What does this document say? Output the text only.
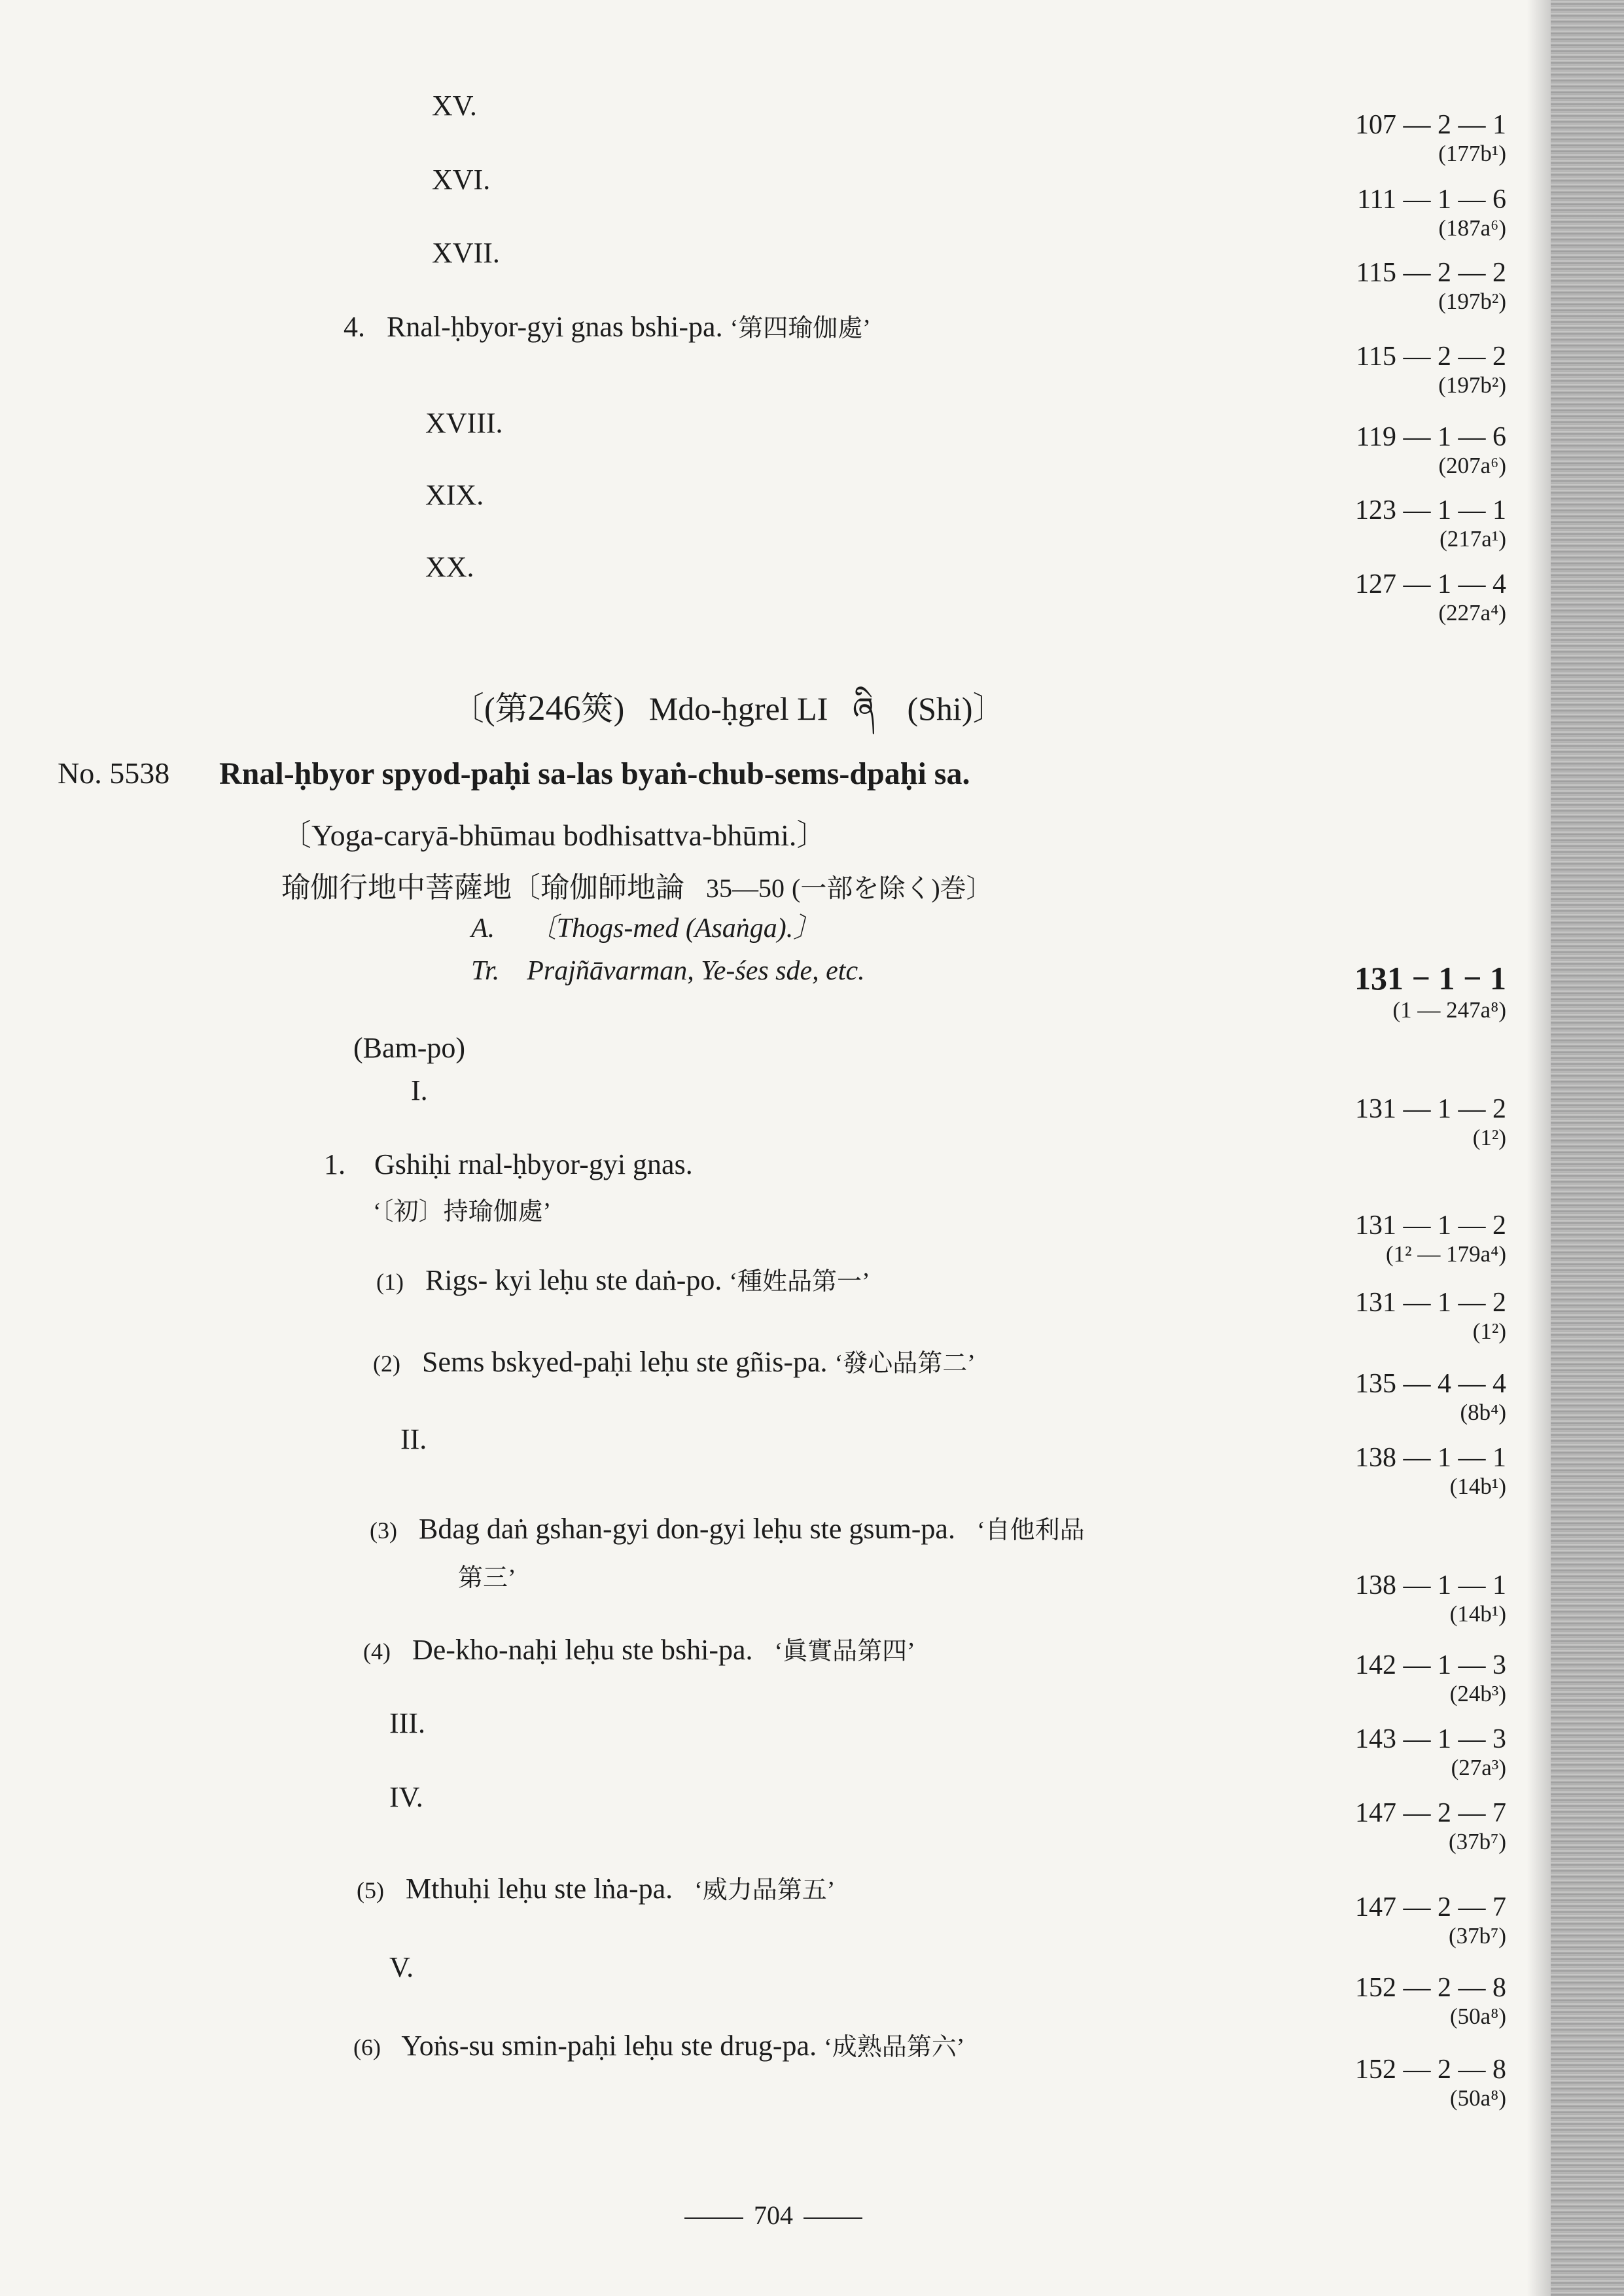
XV.
XVI.
XVII.
4. Rnal-ḥbyor-gyi gnas bshi-pa. ‘第四瑜伽處’
XVIII.
XIX.
XX.
107 — 2 — 1
(177b¹)
111 — 1 — 6
(187a⁶)
115 — 2 — 2
(197b²)
115 — 2 — 2
(197b²)
119 — 1 — 6
(207a⁶)
123 — 1 — 1
(217a¹)
127 — 1 — 4
(227a⁴)
〔(第246筴) Mdo-ḥgrel LI ཞི (Shi)〕
No. 5538 Rnal-ḥbyor spyod-paḥi sa-las byaṅ-chub-sems-dpaḥi sa.
〔Yoga-caryā-bhūmau bodhisattva-bhūmi.〕
瑜伽行地中菩薩地〔瑜伽師地論 35—50 (一部を除く)巻〕
A. 〔Thogs-med (Asaṅga).〕
Tr. Prajñāvarman, Ye-śes sde, etc.	131 − 1 − 1
(1 — 247a⁸)
(Bam-po)
I.
1. Gshiḥi rnal-ḥbyor-gyi gnas.
‘〔初〕持瑜伽處’
(1) Rigs- kyi leḥu ste daṅ-po. ‘種姓品第一’
(2) Sems bskyed-paḥi leḥu ste gñis-pa. ‘發心品第二’
II.
(3) Bdag daṅ gshan-gyi don-gyi leḥu ste gsum-pa. ‘自他利品
第三’
(4) De-kho-naḥi leḥu ste bshi-pa. ‘眞實品第四’
III.
IV.
(5) Mthuḥi leḥu ste lṅa-pa. ‘威力品第五’
V.
(6) Yoṅs-su smin-paḥi leḥu ste drug-pa. ‘成熟品第六’
131 — 1 — 2
(1²)
131 — 1 — 2
(1² — 179a⁴)
131 — 1 — 2
(1²)
135 — 4 — 4
(8b⁴)
138 — 1 — 1
(14b¹)
138 — 1 — 1
(14b¹)
142 — 1 — 3
(24b³)
143 — 1 — 3
(27a³)
147 — 2 — 7
(37b⁷)
147 — 2 — 7
(37b⁷)
152 — 2 — 8
(50a⁸)
152 — 2 — 8
(50a⁸)
704
